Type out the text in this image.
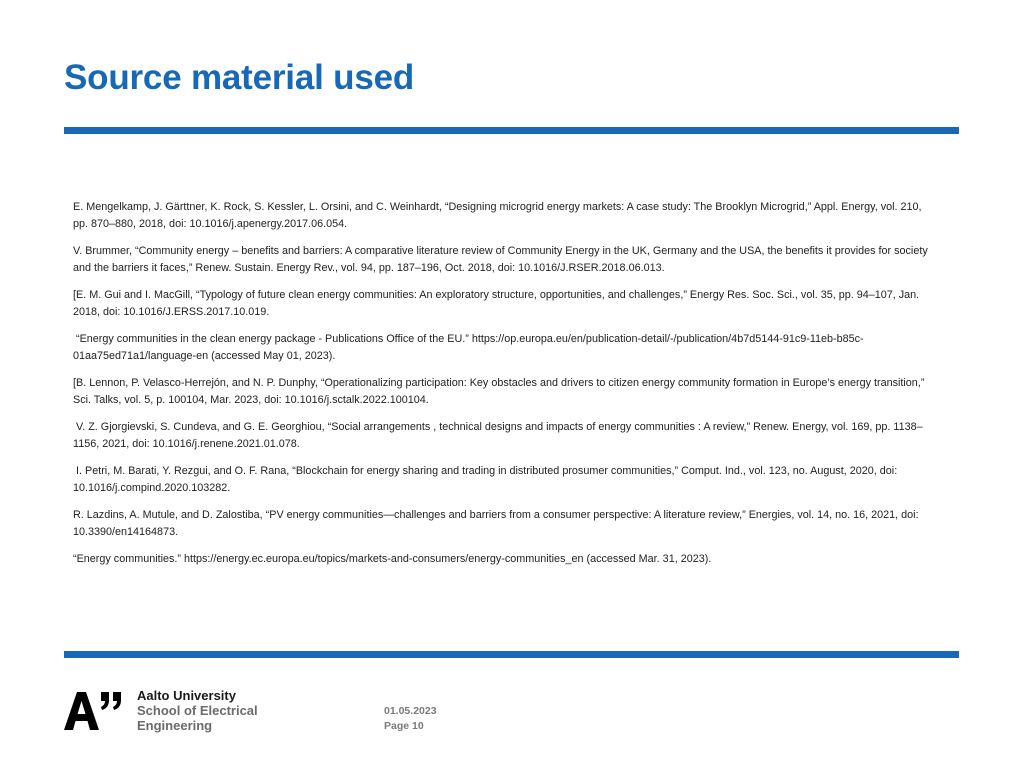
Source material used
E. Mengelkamp, J. Gärttner, K. Rock, S. Kessler, L. Orsini, and C. Weinhardt, “Designing microgrid energy markets: A case study: The Brooklyn Microgrid,” Appl. Energy, vol. 210, pp. 870–880, 2018, doi: 10.1016/j.apenergy.2017.06.054.
V. Brummer, “Community energy – benefits and barriers: A comparative literature review of Community Energy in the UK, Germany and the USA, the benefits it provides for society and the barriers it faces,” Renew. Sustain. Energy Rev., vol. 94, pp. 187–196, Oct. 2018, doi: 10.1016/J.RSER.2018.06.013.
[E. M. Gui and I. MacGill, “Typology of future clean energy communities: An exploratory structure, opportunities, and challenges,” Energy Res. Soc. Sci., vol. 35, pp. 94–107, Jan. 2018, doi: 10.1016/J.ERSS.2017.10.019.
“Energy communities in the clean energy package - Publications Office of the EU.” https://op.europa.eu/en/publication-detail/-/publication/4b7d5144-91c9-11eb-b85c-01aa75ed71a1/language-en (accessed May 01, 2023).
[B. Lennon, P. Velasco-Herrejón, and N. P. Dunphy, “Operationalizing participation: Key obstacles and drivers to citizen energy community formation in Europe’s energy transition,” Sci. Talks, vol. 5, p. 100104, Mar. 2023, doi: 10.1016/j.sctalk.2022.100104.
V. Z. Gjorgievski, S. Cundeva, and G. E. Georghiou, “Social arrangements , technical designs and impacts of energy communities : A review,” Renew. Energy, vol. 169, pp. 1138–1156, 2021, doi: 10.1016/j.renene.2021.01.078.
I. Petri, M. Barati, Y. Rezgui, and O. F. Rana, “Blockchain for energy sharing and trading in distributed prosumer communities,” Comput. Ind., vol. 123, no. August, 2020, doi: 10.1016/j.compind.2020.103282.
R. Lazdins, A. Mutule, and D. Zalostiba, “PV energy communities—challenges and barriers from a consumer perspective: A literature review,” Energies, vol. 14, no. 16, 2021, doi: 10.3390/en14164873.
“Energy communities.” https://energy.ec.europa.eu/topics/markets-and-consumers/energy-communities_en (accessed Mar. 31, 2023).
Aalto University
School of Electrical
Engineering
01.05.2023
Page 10
